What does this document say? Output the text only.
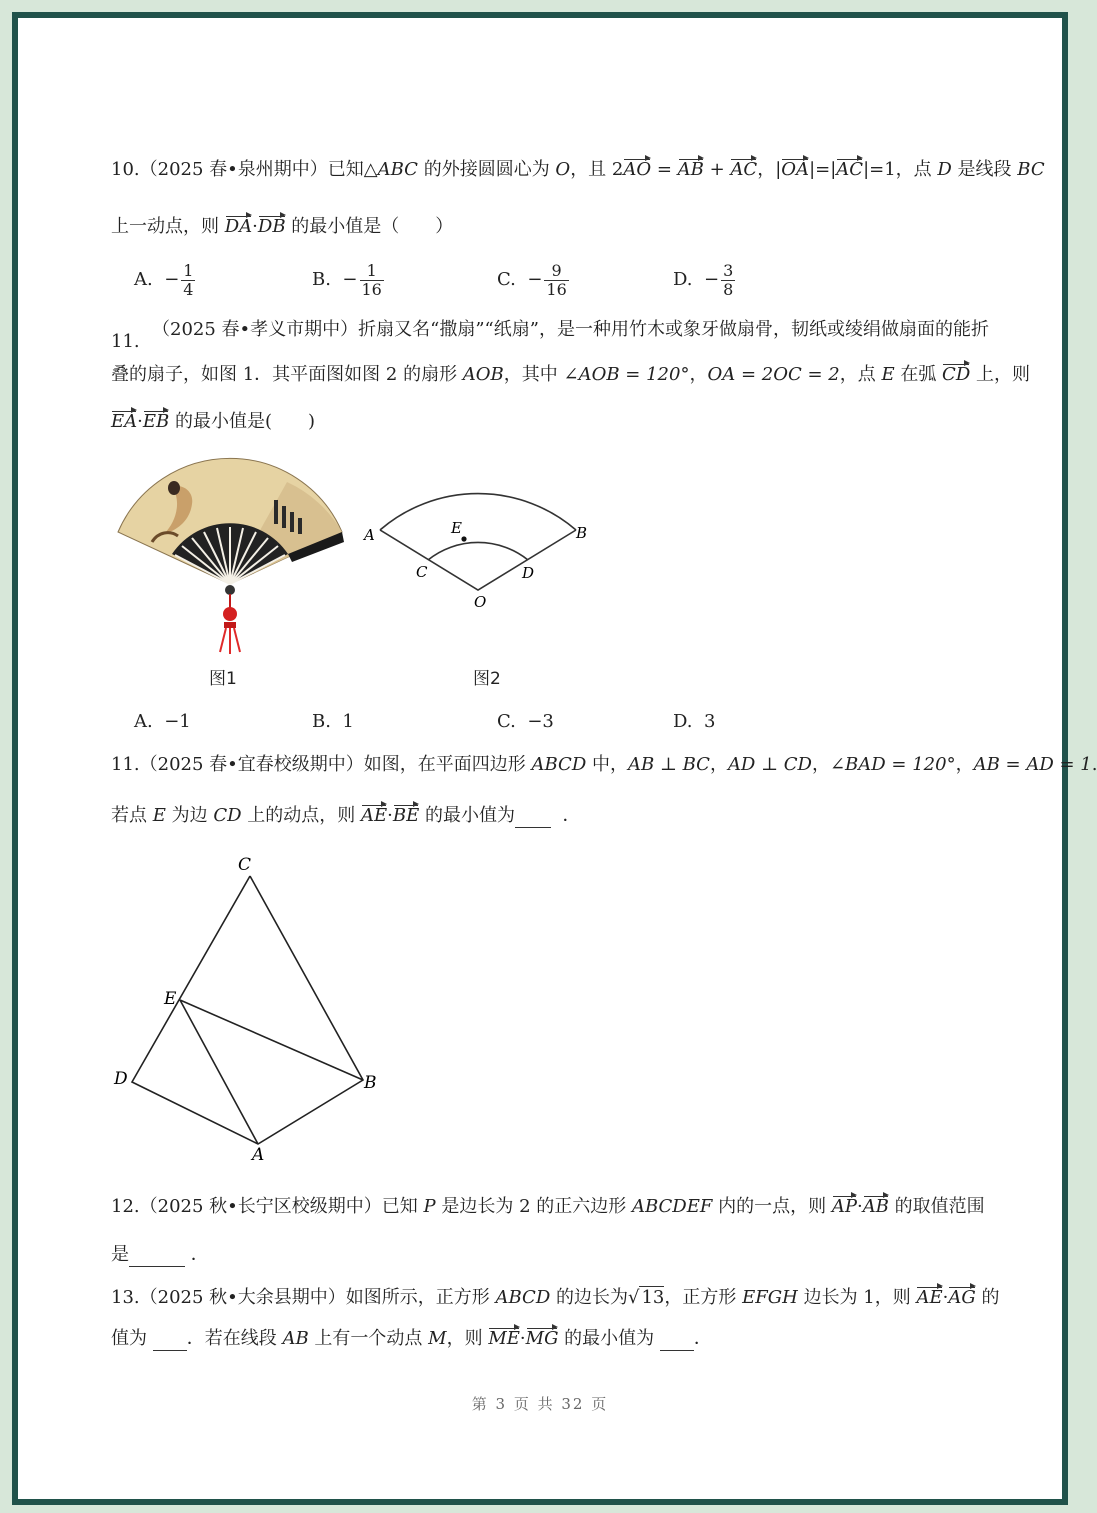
10.（2025 春•泉州期中）已知△ABC 的外接圆圆心为 O，且 2AO = AB + AC，|OA|=|AC|=1，点 D 是线段 BC
上一动点，则 DA·DB 的最小值是（　　）
A. − $\frac{1}{4}$	B. − $\frac{1}{16}$	C. − $\frac{9}{16}$	D. − $\frac{3}{8}$
11.
（2025 春•孝义市期中）折扇又名“撒扇”“纸扇”，是一种用竹木或象牙做扇骨，韧纸或绫绢做扇面的能折
叠的扇子，如图 1．其平面图如图 2 的扇形 AOB，其中 ∠AOB = 120°，OA = 2OC = 2，点 E 在弧 CD 上，则
EA·EB 的最小值是(　　)
图1
A	B
C	D
E
O
图2
A. −1	B. 1	C. −3	D. 3
11.（2025 春•宜春校级期中）如图，在平面四边形 ABCD 中，AB ⊥ BC，AD ⊥ CD，∠BAD = 120°，AB = AD = 1.
若点 E 为边 CD 上的动点，则 AE·BE 的最小值为	．
C
E
D	B
A
12.（2025 秋•长宁区校级期中）已知 P 是边长为 2 的正六边形 ABCDEF 内的一点，则 AP·AB 的取值范围
是	．
13.（2025 秋•大余县期中）如图所示，正方形 ABCD 的边长为√ 13，正方形 EFGH 边长为 1，则 AE·AG 的
值为 ．若在线段 AB 上有一个动点 M，则 ME·MG 的最小值为 ．
第 3 页 共 32 页
